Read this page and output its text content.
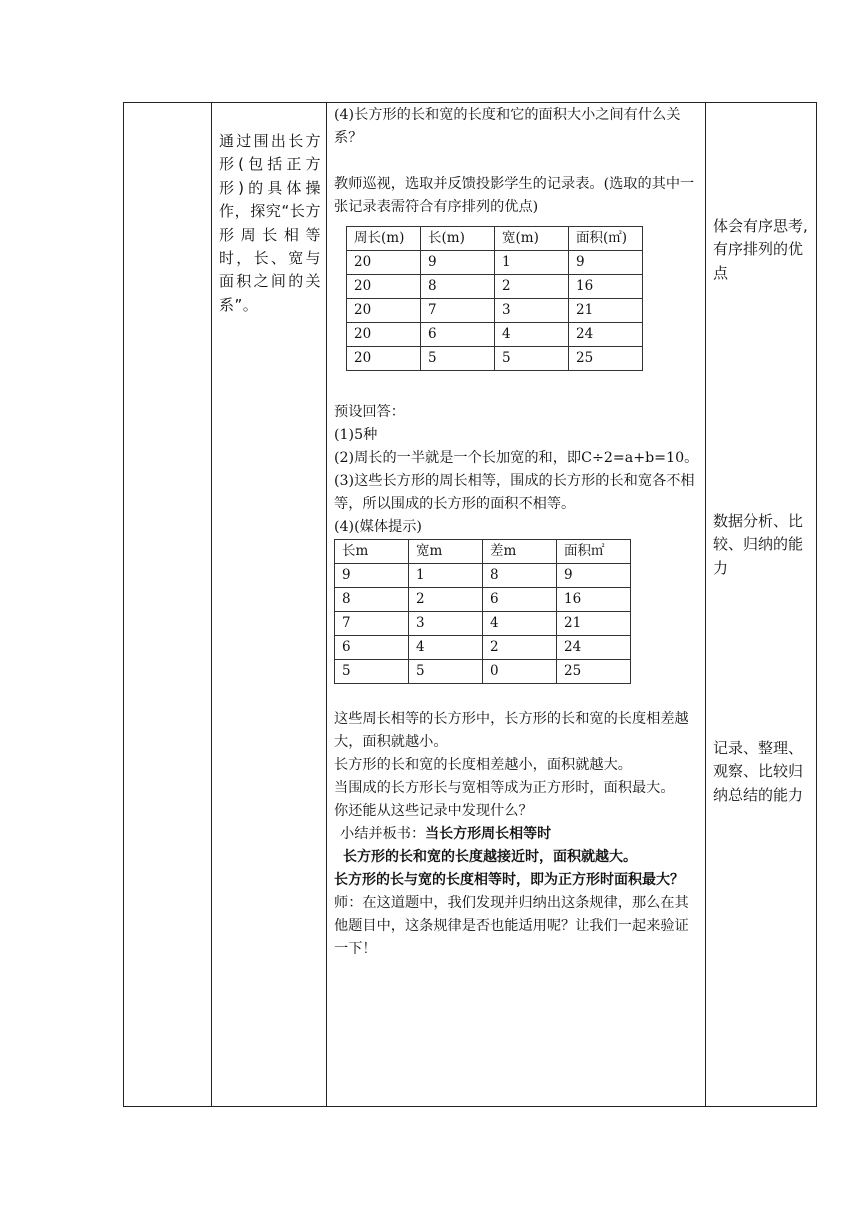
通过围出长方形(包括正方形)的具体操作，探究“长方形周长相等时，长、宽与面积之间的关系”。

(4)长方形的长和宽的长度和它的面积大小之间有什么关系？

教师巡视，选取并反馈投影学生的记录表。(选取的其中一张记录表需符合有序排列的优点)

周长(m)	长(m)	宽(m)	面积(㎡)
20	9	1	9
20	8	2	16
20	7	3	21
20	6	4	24
20	5	5	25

预设回答：

(1)5种

(2)周长的一半就是一个长加宽的和，即C÷2=a+b=10。

(3)这些长方形的周长相等，围成的长方形的长和宽各不相等，所以围成的长方形的面积不相等。

(4)(媒体提示)

长m	宽m	差m	面积㎡
9	1	8	9
8	2	6	16
7	3	4	21
6	4	2	24
5	5	0	25

这些周长相等的长方形中，长方形的长和宽的长度相差越大，面积就越小。

长方形的长和宽的长度相差越小，面积就越大。

当围成的长方形长与宽相等成为正方形时，面积最大。

你还能从这些记录中发现什么？

小结并板书：当长方形周长相等时

长方形的长和宽的长度越接近时，面积就越大。

长方形的长与宽的长度相等时，即为正方形时面积最大？

师：在这道题中，我们发现并归纳出这条规律，那么在其他题目中，这条规律是否也能适用呢？让我们一起来验证一下！

体会有序思考,有序排列的优点
数据分析、比较、归纳的能力
记录、整理、观察、比较归纳总结的能力
